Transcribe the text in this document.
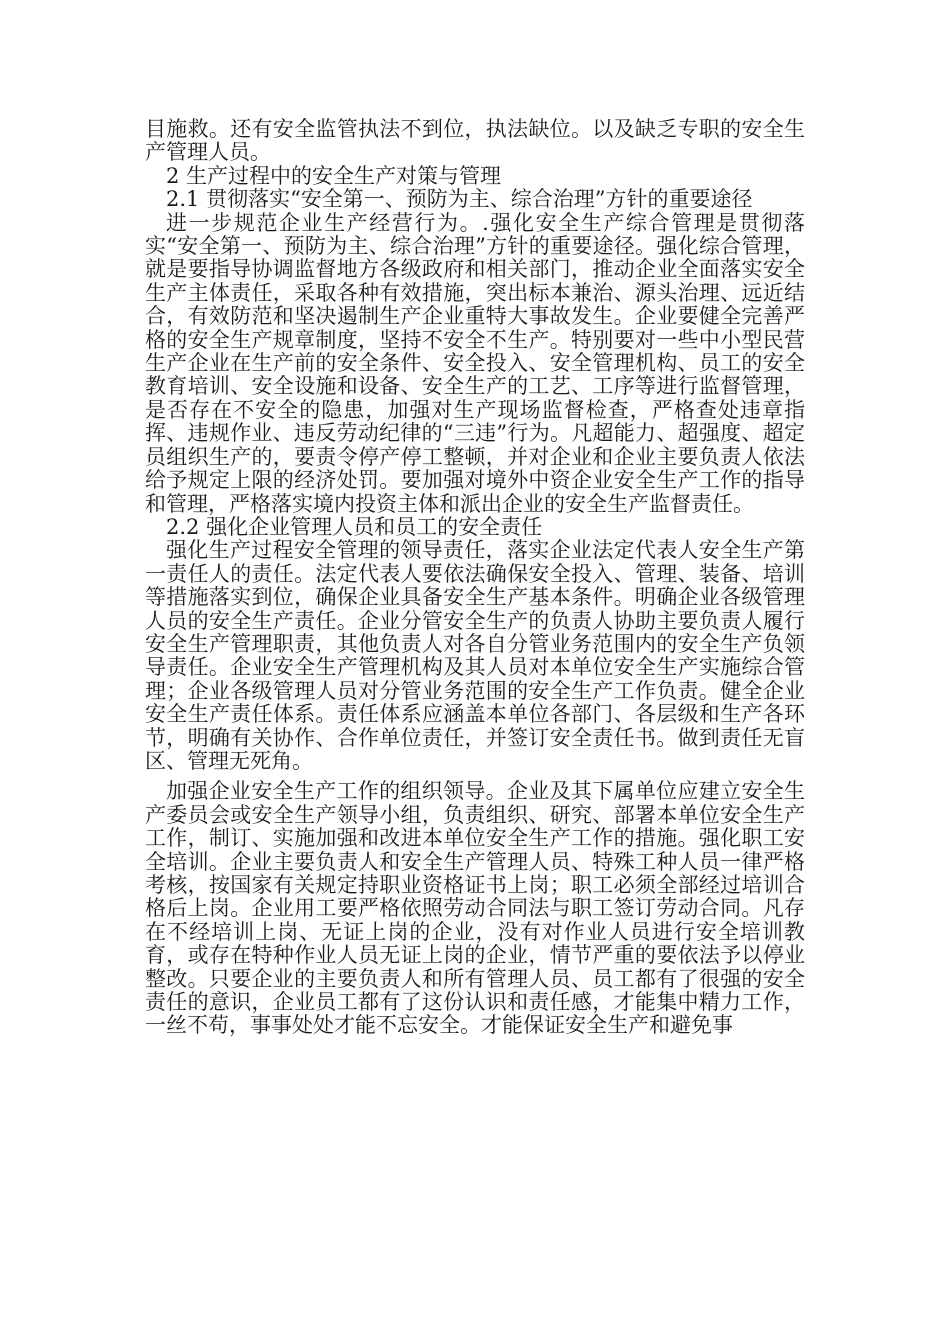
目施救。还有安全监管执法不到位，执法缺位。以及缺乏专职的安全生产管理人员。

2 生产过程中的安全生产对策与管理

2.1 贯彻落实“安全第一、预防为主、综合治理”方针的重要途径

进一步规范企业生产经营行为。.强化安全生产综合管理是贯彻落实“安全第一、预防为主、综合治理”方针的重要途径。强化综合管理，就是要指导协调监督地方各级政府和相关部门，推动企业全面落实安全生产主体责任，采取各种有效措施，突出标本兼治、源头治理、远近结合，有效防范和坚决遏制生产企业重特大事故发生。企业要健全完善严格的安全生产规章制度，坚持不安全不生产。特别要对一些中小型民营生产企业在生产前的安全条件、安全投入、安全管理机构、员工的安全教育培训、安全设施和设备、安全生产的工艺、工序等进行监督管理，是否存在不安全的隐患，加强对生产现场监督检查，严格查处违章指挥、违规作业、违反劳动纪律的“三违”行为。凡超能力、超强度、超定员组织生产的，要责令停产停工整顿，并对企业和企业主要负责人依法给予规定上限的经济处罚。要加强对境外中资企业安全生产工作的指导和管理，严格落实境内投资主体和派出企业的安全生产监督责任。

2.2 强化企业管理人员和员工的安全责任

强化生产过程安全管理的领导责任，落实企业法定代表人安全生产第一责任人的责任。法定代表人要依法确保安全投入、管理、装备、培训等措施落实到位，确保企业具备安全生产基本条件。明确企业各级管理人员的安全生产责任。企业分管安全生产的负责人协助主要负责人履行安全生产管理职责，其他负责人对各自分管业务范围内的安全生产负领导责任。企业安全生产管理机构及其人员对本单位安全生产实施综合管理；企业各级管理人员对分管业务范围的安全生产工作负责。健全企业安全生产责任体系。责任体系应涵盖本单位各部门、各层级和生产各环节，明确有关协作、合作单位责任，并签订安全责任书。做到责任无盲区、管理无死角。

加强企业安全生产工作的组织领导。企业及其下属单位应建立安全生产委员会或安全生产领导小组，负责组织、研究、部署本单位安全生产工作，制订、实施加强和改进本单位安全生产工作的措施。强化职工安全培训。企业主要负责人和安全生产管理人员、特殊工种人员一律严格考核，按国家有关规定持职业资格证书上岗；职工必须全部经过培训合格后上岗。企业用工要严格依照劳动合同法与职工签订劳动合同。凡存在不经培训上岗、无证上岗的企业，没有对作业人员进行安全培训教育，或存在特种作业人员无证上岗的企业，情节严重的要依法予以停业整改。只要企业的主要负责人和所有管理人员、员工都有了很强的安全责任的意识，企业员工都有了这份认识和责任感，才能集中精力工作，一丝不苟，事事处处才能不忘安全。才能保证安全生产和避免事
